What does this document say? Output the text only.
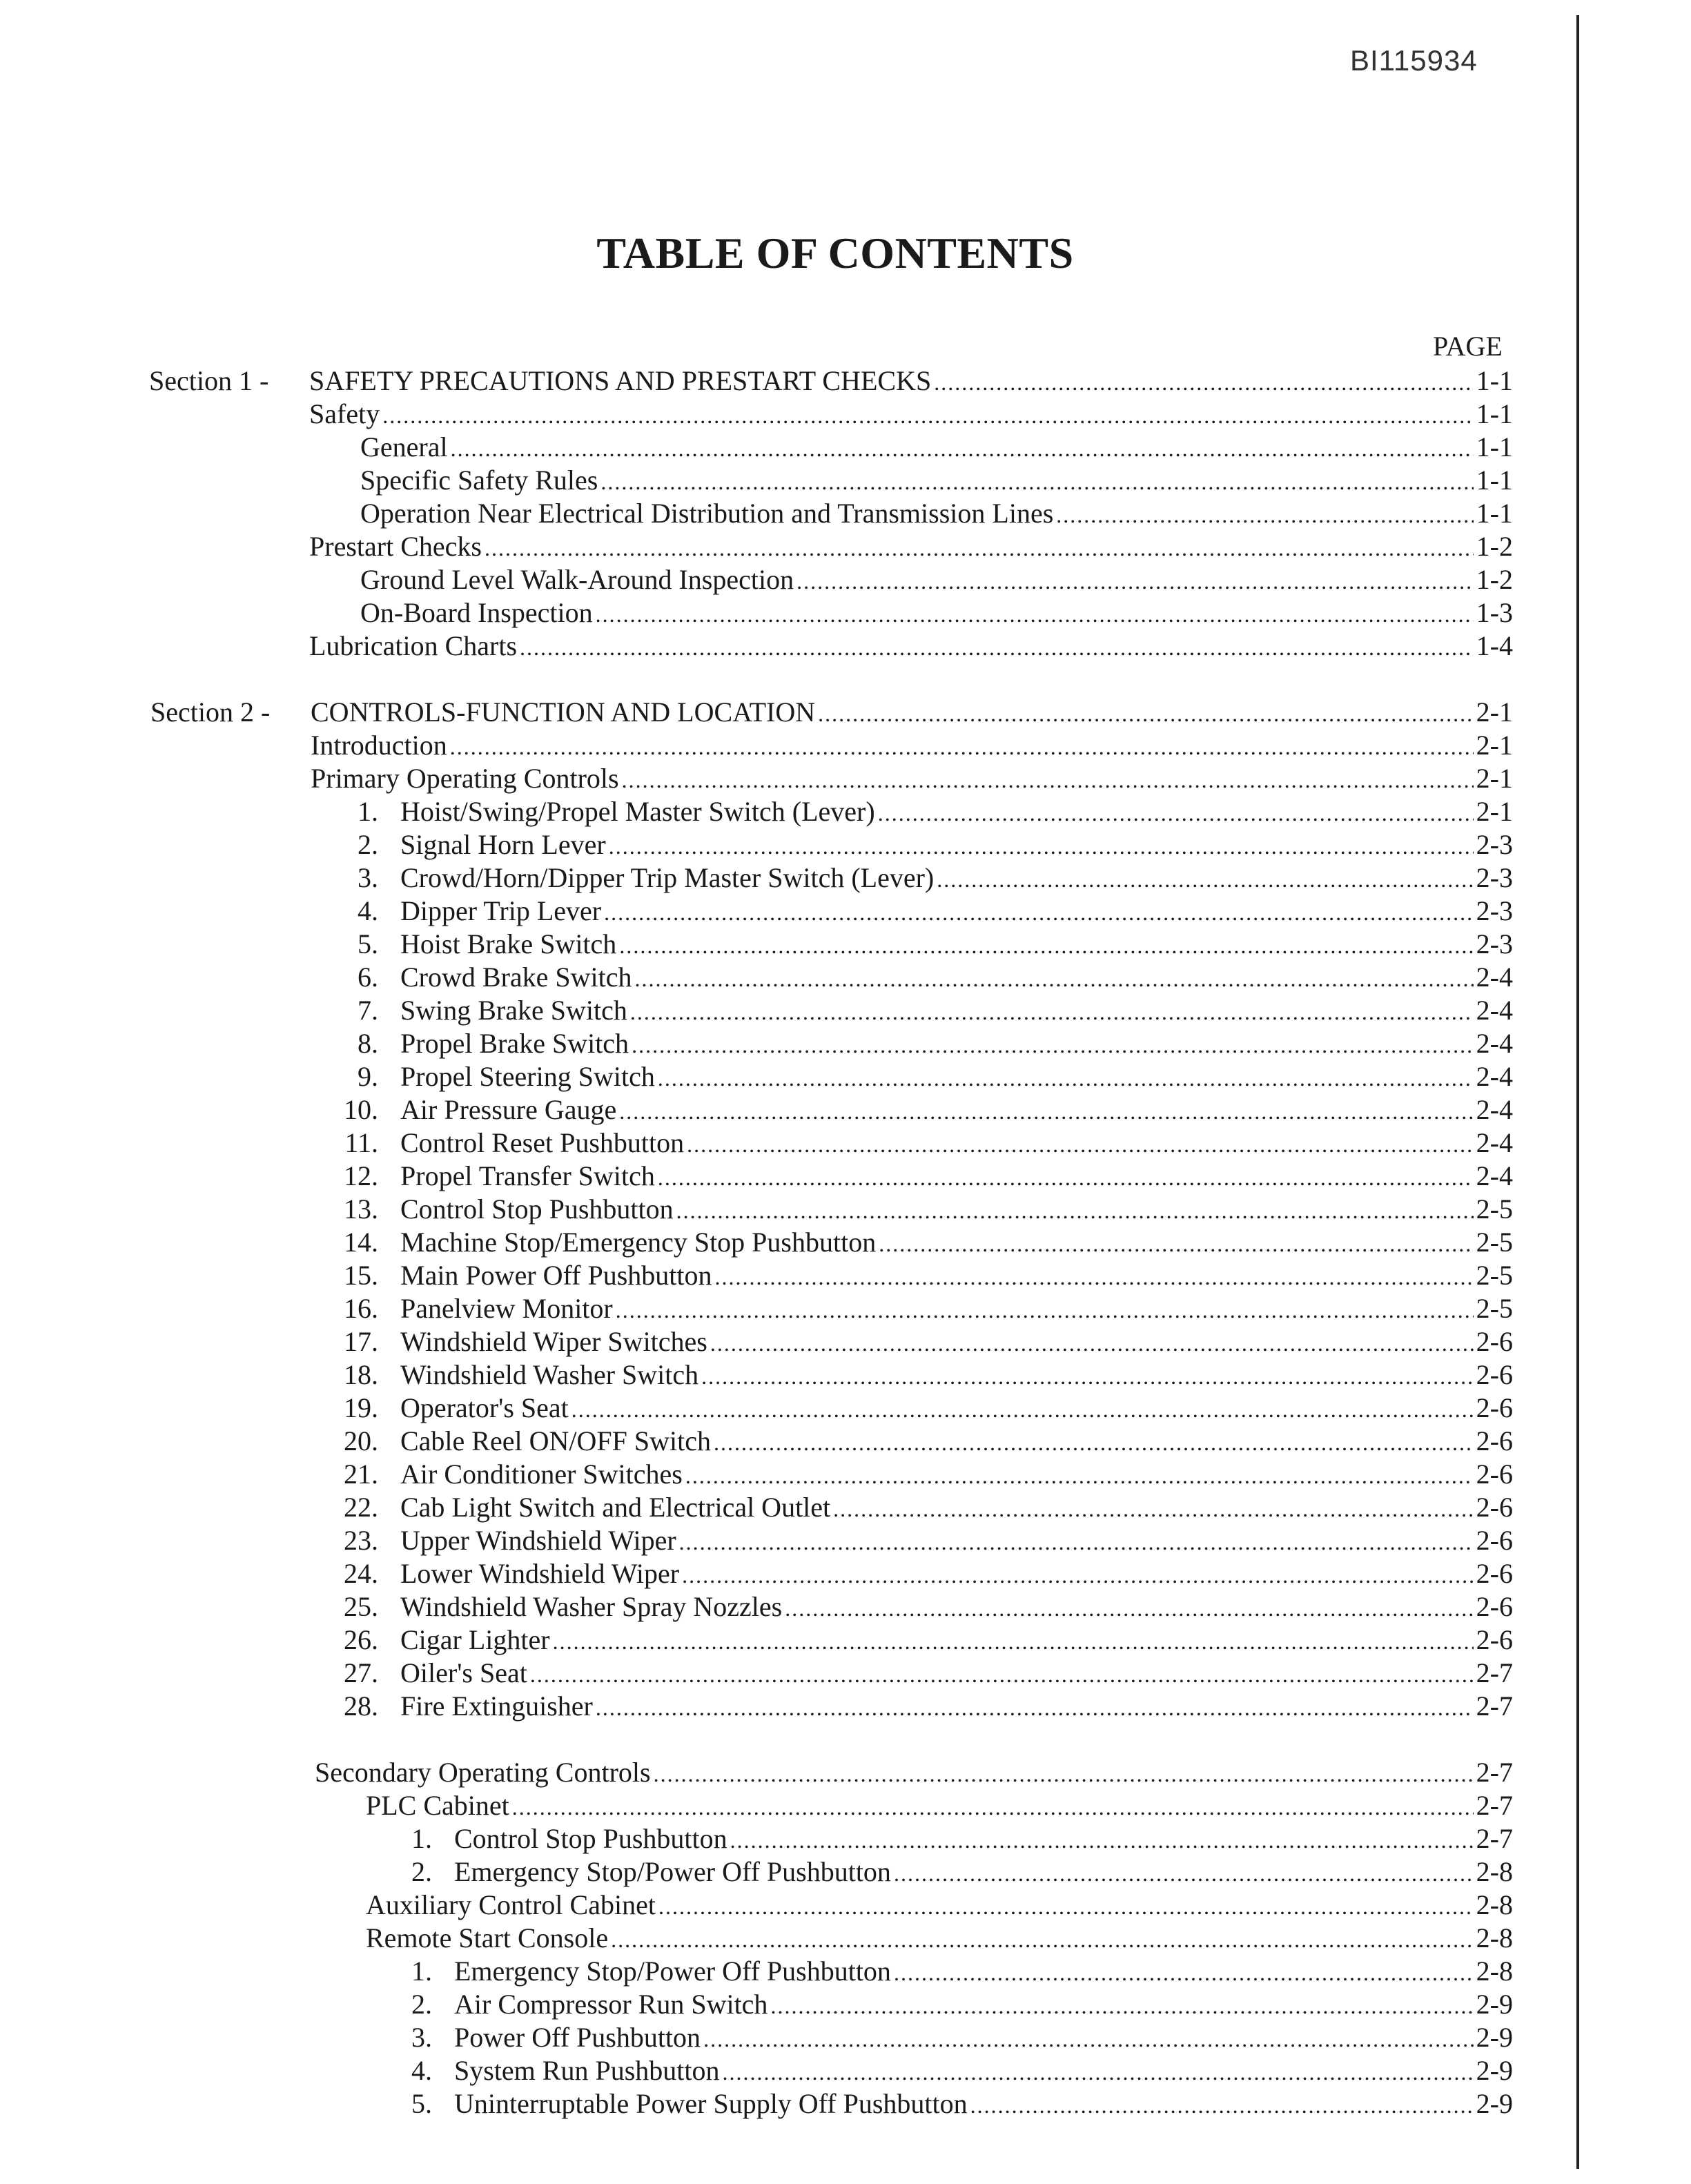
BI115934
TABLE OF CONTENTS
PAGE
Section 1 - SAFETY PRECAUTIONS AND PRESTART CHECKS .....	1-1
Safety .....	1-1
General .....	1-1
Specific Safety Rules .....	1-1
Operation Near Electrical Distribution and Transmission Lines .....	1-1
Prestart Checks .....	1-2
Ground Level Walk-Around Inspection .....	1-2
On-Board Inspection .....	1-3
Lubrication Charts .....	1-4
Section 2 - CONTROLS-FUNCTION AND LOCATION .....	2-1
Introduction .....	2-1
Primary Operating Controls .....	2-1
1. Hoist/Swing/Propel Master Switch (Lever) .....	2-1
2. Signal Horn Lever .....	2-3
3. Crowd/Horn/Dipper Trip Master Switch (Lever) .....	2-3
4. Dipper Trip Lever .....	2-3
5. Hoist Brake Switch .....	2-3
6. Crowd Brake Switch .....	2-4
7. Swing Brake Switch .....	2-4
8. Propel Brake Switch .....	2-4
9. Propel Steering Switch .....	2-4
10. Air Pressure Gauge .....	2-4
11. Control Reset Pushbutton .....	2-4
12. Propel Transfer Switch .....	2-4
13. Control Stop Pushbutton .....	2-5
14. Machine Stop/Emergency Stop Pushbutton .....	2-5
15. Main Power Off Pushbutton .....	2-5
16. Panelview Monitor .....	2-5
17. Windshield Wiper Switches .....	2-6
18. Windshield Washer Switch .....	2-6
19. Operator's Seat .....	2-6
20. Cable Reel ON/OFF Switch .....	2-6
21. Air Conditioner Switches .....	2-6
22. Cab Light Switch and Electrical Outlet .....	2-6
23. Upper Windshield Wiper .....	2-6
24. Lower Windshield Wiper .....	2-6
25. Windshield Washer Spray Nozzles .....	2-6
26. Cigar Lighter .....	2-6
27. Oiler's Seat .....	2-7
28. Fire Extinguisher .....	2-7
Secondary Operating Controls .....	2-7
PLC Cabinet .....	2-7
1. Control Stop Pushbutton .....	2-7
2. Emergency Stop/Power Off Pushbutton .....	2-8
Auxiliary Control Cabinet .....	2-8
Remote Start Console .....	2-8
1. Emergency Stop/Power Off Pushbutton .....	2-8
2. Air Compressor Run Switch .....	2-9
3. Power Off Pushbutton .....	2-9
4. System Run Pushbutton .....	2-9
5. Uninterruptable Power Supply Off Pushbutton .....	2-9
